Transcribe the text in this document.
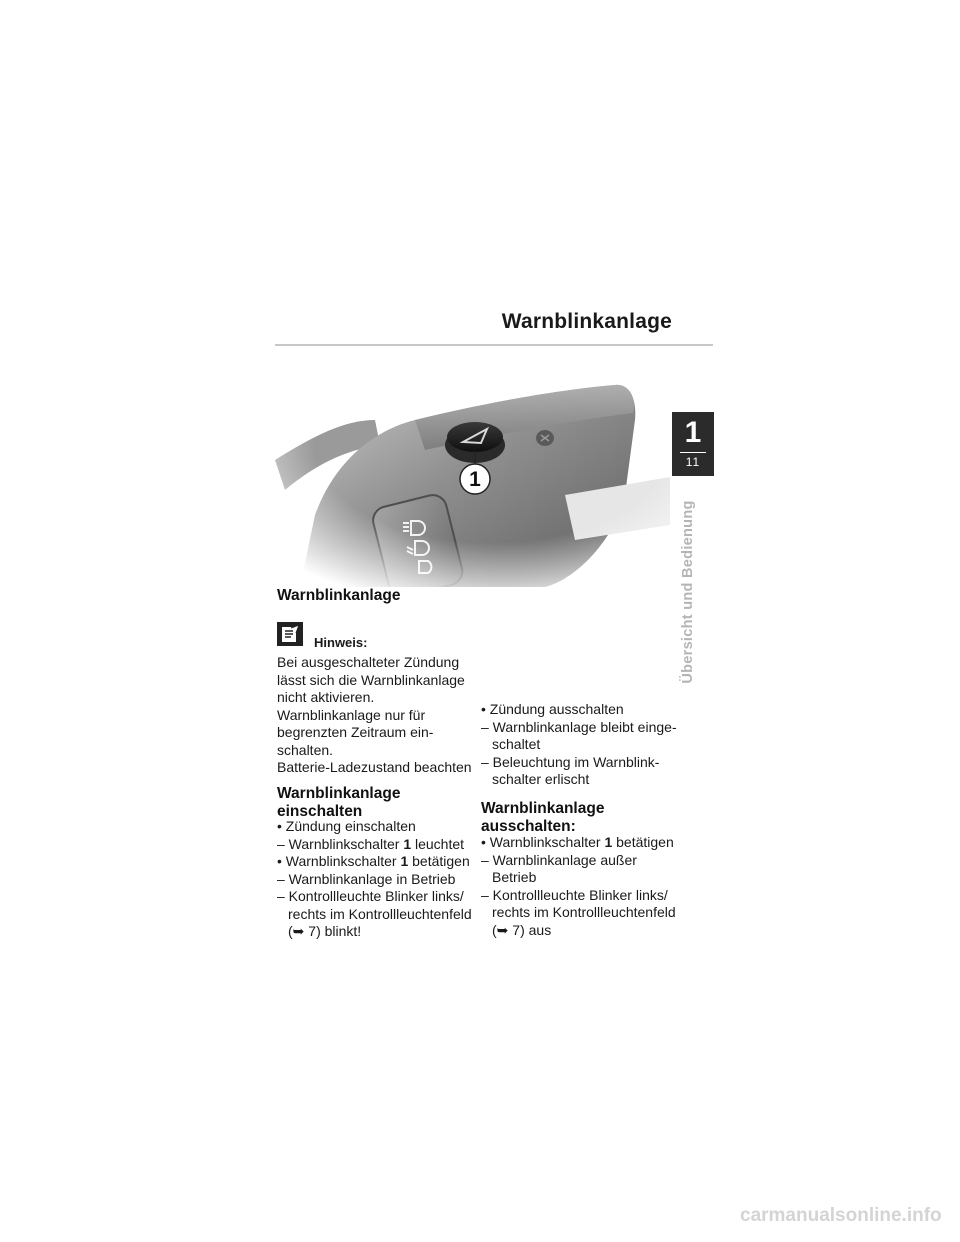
Warnblinkanlage
1
11
Übersicht und Bedienung
Warnblinkanlage
Hinweis:
Bei ausgeschalteter Zündung
lässt sich die Warnblinkanlage
nicht aktivieren.
Warnblinkanlage nur für
begrenzten Zeitraum ein-
schalten.
Batterie-Ladezustand beachten
Warnblinkanlage
einschalten
• Zündung einschalten
– Warnblinkschalter 1 leuchtet
• Warnblinkschalter 1 betätigen
– Warnblinkanlage in Betrieb
– Kontrollleuchte Blinker links/
rechts im Kontrollleuchtenfeld
(➥ 7) blinkt!
• Zündung ausschalten
– Warnblinkanlage bleibt einge-
schaltet
– Beleuchtung im Warnblink-
schalter erlischt
Warnblinkanlage
ausschalten:
• Warnblinkschalter 1 betätigen
– Warnblinkanlage außer
Betrieb
– Kontrollleuchte Blinker links/
rechts im Kontrollleuchtenfeld
(➥ 7) aus
carmanualsonline.info
